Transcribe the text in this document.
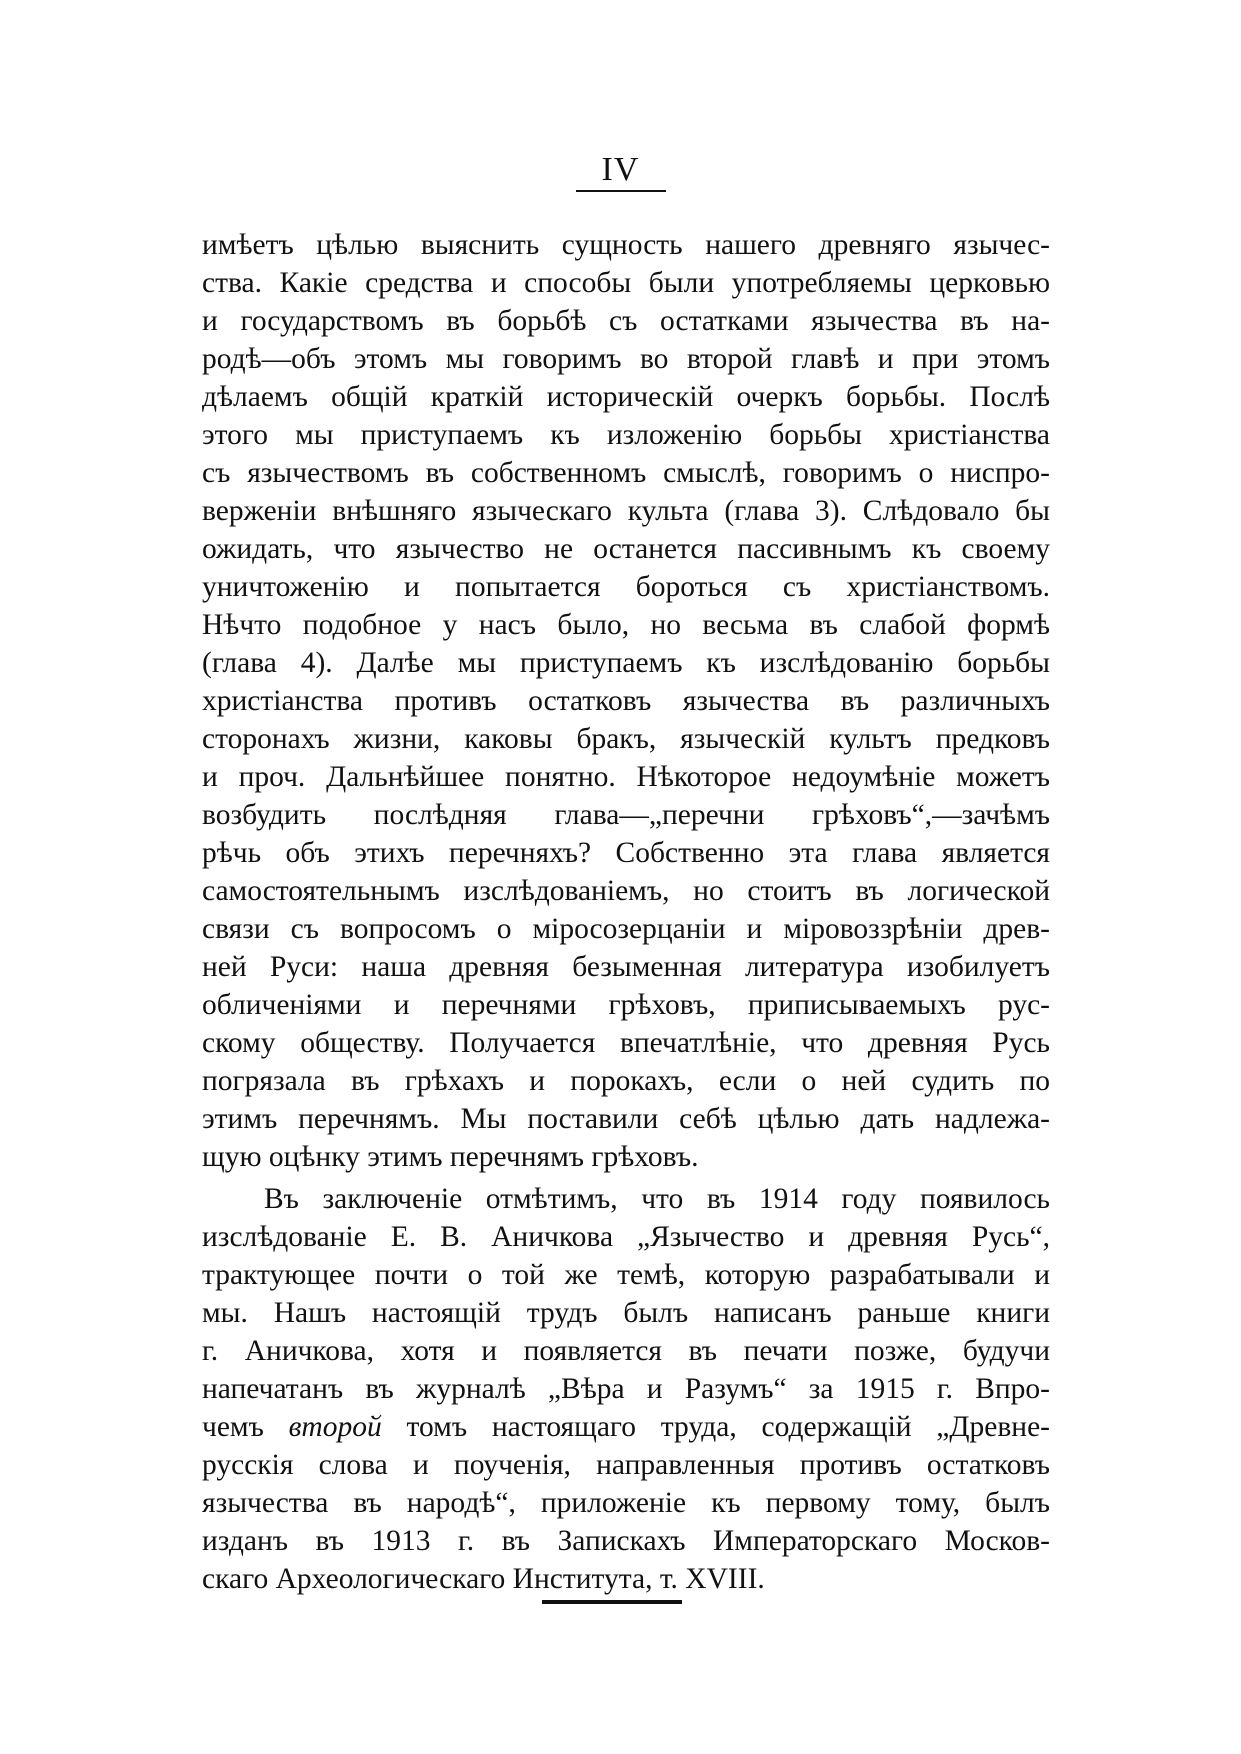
IV
имѣетъ цѣлью выяснить сущность нашего древняго язычес-
ства. Какiе средства и способы были употребляемы церковью
и государствомъ въ борьбѣ съ остатками язычества въ на-
родѣ—объ этомъ мы говоримъ во второй главѣ и при этомъ
дѣлаемъ общiй краткiй историческiй очеркъ борьбы. Послѣ
этого мы приступаемъ къ изложенiю борьбы христiанства
съ язычествомъ въ собственномъ смыслѣ, говоримъ о ниспро-
верженiи внѣшняго языческаго культа (глава 3). Слѣдовало бы
ожидать, что язычество не останется пассивнымъ къ своему
уничтоженiю и попытается бороться съ христiанствомъ.
Нѣчто подобное у насъ было, но весьма въ слабой формѣ
(глава 4). Далѣе мы приступаемъ къ изслѣдованiю борьбы
христiанства противъ остатковъ язычества въ различныхъ
сторонахъ жизни, каковы бракъ, языческiй культъ предковъ
и проч. Дальнѣйшее понятно. Нѣкоторое недоумѣнiе можетъ
возбудить послѣдняя глава—„перечни грѣховъ“,—зачѣмъ
рѣчь объ этихъ перечняхъ? Собственно эта глава является
самостоятельнымъ изслѣдованiемъ, но стоитъ въ логической
связи съ вопросомъ о мiросозерцанiи и мiровоззрѣнiи древ-
ней Руси: наша древняя безыменная литература изобилуетъ
обличенiями и перечнями грѣховъ, приписываемыхъ рус-
скому обществу. Получается впечатлѣнiе, что древняя Русь
погрязала въ грѣхахъ и порокахъ, если о ней судить по
этимъ перечнямъ. Мы поставили себѣ цѣлью дать надлежа-
щую оцѣнку этимъ перечнямъ грѣховъ.
Въ заключенiе отмѣтимъ, что въ 1914 году появилось
изслѣдованiе Е. В. Аничкова „Язычество и древняя Русь“,
трактующее почти о той же темѣ, которую разрабатывали и
мы. Нашъ настоящiй трудъ былъ написанъ раньше книги
г. Аничкова, хотя и появляется въ печати позже, будучи
напечатанъ въ журналѣ „Вѣра и Разумъ“ за 1915 г. Впро-
чемъ второй томъ настоящаго труда, содержащiй „Древне-
русскiя слова и поученiя, направленныя противъ остатковъ
язычества въ народѣ“, приложенiе къ первому тому, былъ
изданъ въ 1913 г. въ Запискахъ Императорскаго Москов-
скаго Археологическаго Института, т. XVIII.
